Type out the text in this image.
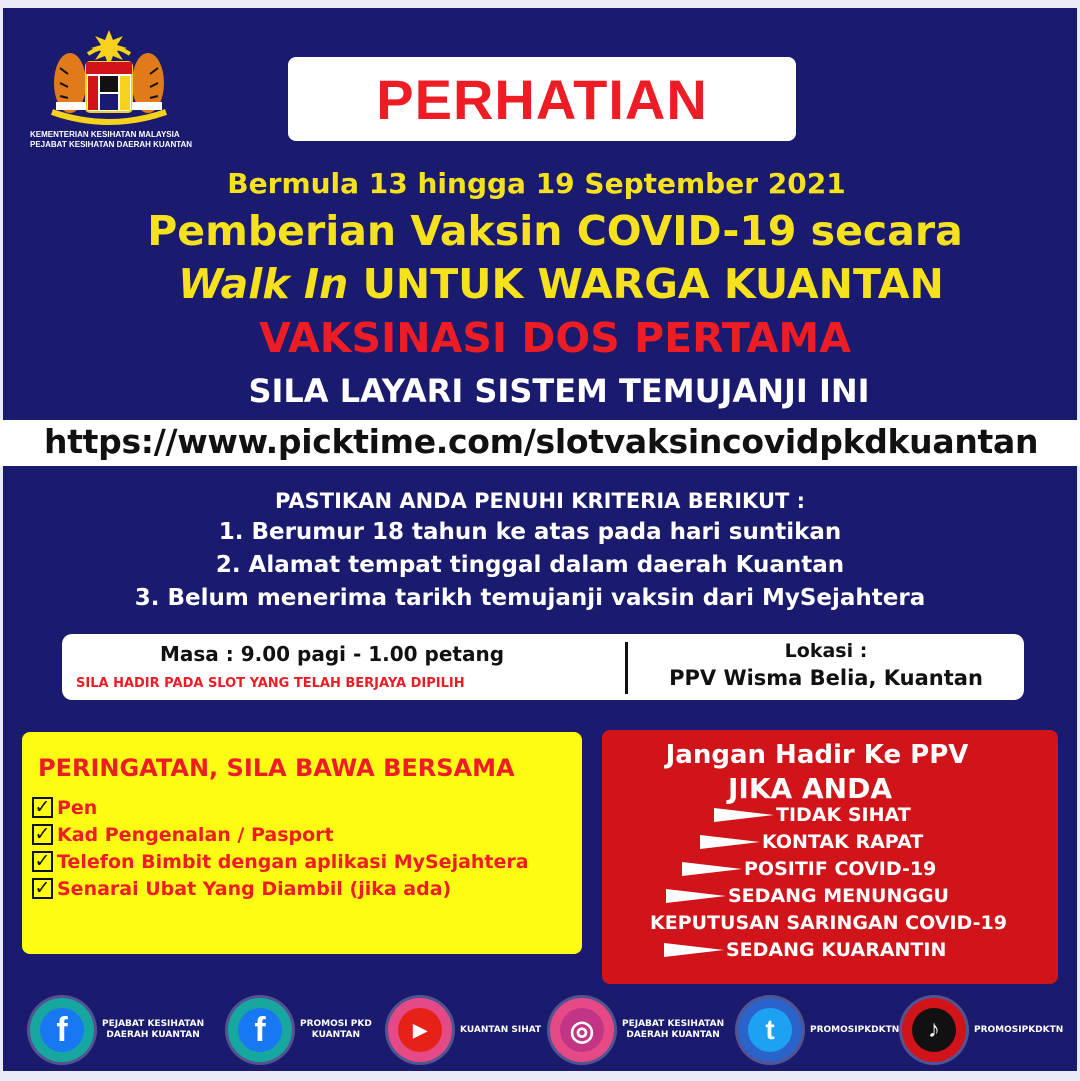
KEMENTERIAN KESIHATAN MALAYSIA
PEJABAT KESIHATAN DAERAH KUANTAN
PERHATIAN
Bermula 13 hingga 19 September 2021
Pemberian Vaksin COVID-19 secara
Walk In UNTUK WARGA KUANTAN
VAKSINASI DOS PERTAMA
SILA LAYARI SISTEM TEMUJANJI INI
https://www.picktime.com/slotvaksincovidpkdkuantan
PASTIKAN ANDA PENUHI KRITERIA BERIKUT :
1. Berumur 18 tahun ke atas pada hari suntikan
2. Alamat tempat tinggal dalam daerah Kuantan
3. Belum menerima tarikh temujanji vaksin dari MySejahtera
Masa : 9.00 pagi - 1.00 petang
SILA HADIR PADA SLOT YANG TELAH BERJAYA DIPILIH
Lokasi :
PPV Wisma Belia, Kuantan
PERINGATAN, SILA BAWA BERSAMA
✓ Pen
✓ Kad Pengenalan / Pasport
✓ Telefon Bimbit dengan aplikasi MySejahtera
✓ Senarai Ubat Yang Diambil (jika ada)
Jangan Hadir Ke PPV
JIKA ANDA
TIDAK SIHAT
KONTAK RAPAT
POSITIF COVID-19
SEDANG MENUNGGU
KEPUTUSAN SARINGAN COVID-19
SEDANG KUARANTIN
f	PEJABAT KESIHATAN
DAERAH KUANTAN	f	PROMOSI PKD
KUANTAN	▶	KUANTAN SIHAT	◎	PEJABAT KESIHATAN
DAERAH KUANTAN	t	PROMOSIPKDKTN	♪	PROMOSIPKDKTN
